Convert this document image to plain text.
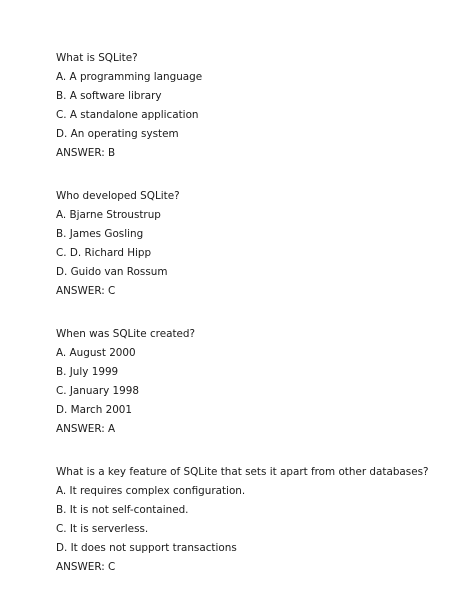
What is SQLite?
A. A programming language
B. A software library
C. A standalone application
D. An operating system
ANSWER: B
Who developed SQLite?
A. Bjarne Stroustrup
B. James Gosling
C. D. Richard Hipp
D. Guido van Rossum
ANSWER: C
When was SQLite created?
A. August 2000
B. July 1999
C. January 1998
D. March 2001
ANSWER: A
What is a key feature of SQLite that sets it apart from other databases?
A. It requires complex configuration.
B. It is not self-contained.
C. It is serverless.
D. It does not support transactions
ANSWER: C
